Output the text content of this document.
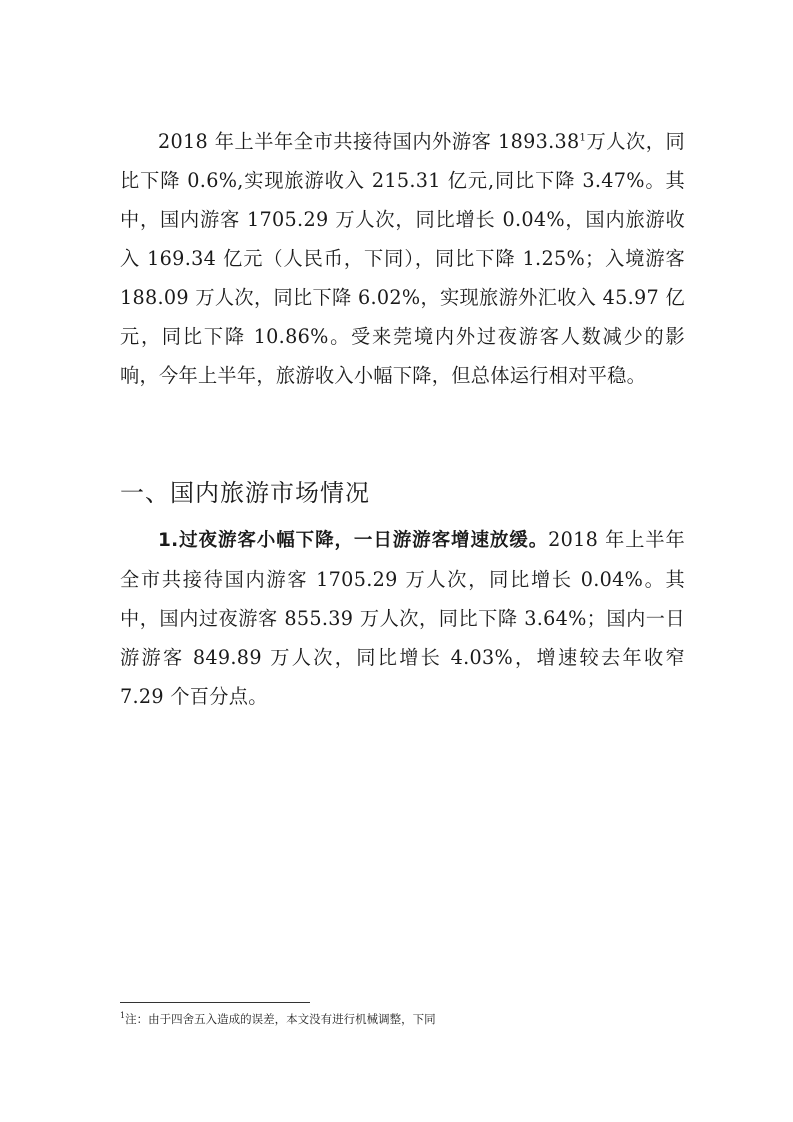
2018 年上半年全市共接待国内外游客 1893.38$^1$万人次，同比下降 0.6%,实现旅游收入 215.31 亿元,同比下降 3.47%。其中，国内游客 1705.29 万人次，同比增长 0.04%，国内旅游收入 169.34 亿元（人民币，下同），同比下降 1.25%；入境游客 188.09 万人次，同比下降 6.02%，实现旅游外汇收入 45.97 亿元，同比下降 10.86%。受来莞境内外过夜游客人数减少的影响，今年上半年，旅游收入小幅下降，但总体运行相对平稳。

一、国内旅游市场情况

1.过夜游客小幅下降，一日游游客增速放缓。2018 年上半年全市共接待国内游客 1705.29 万人次，同比增长 0.04%。其中，国内过夜游客 855.39 万人次，同比下降 3.64%；国内一日游游客 849.89 万人次，同比增长 4.03%，增速较去年收窄 7.29 个百分点。

$^1$注：由于四舍五入造成的误差，本文没有进行机械调整，下同
